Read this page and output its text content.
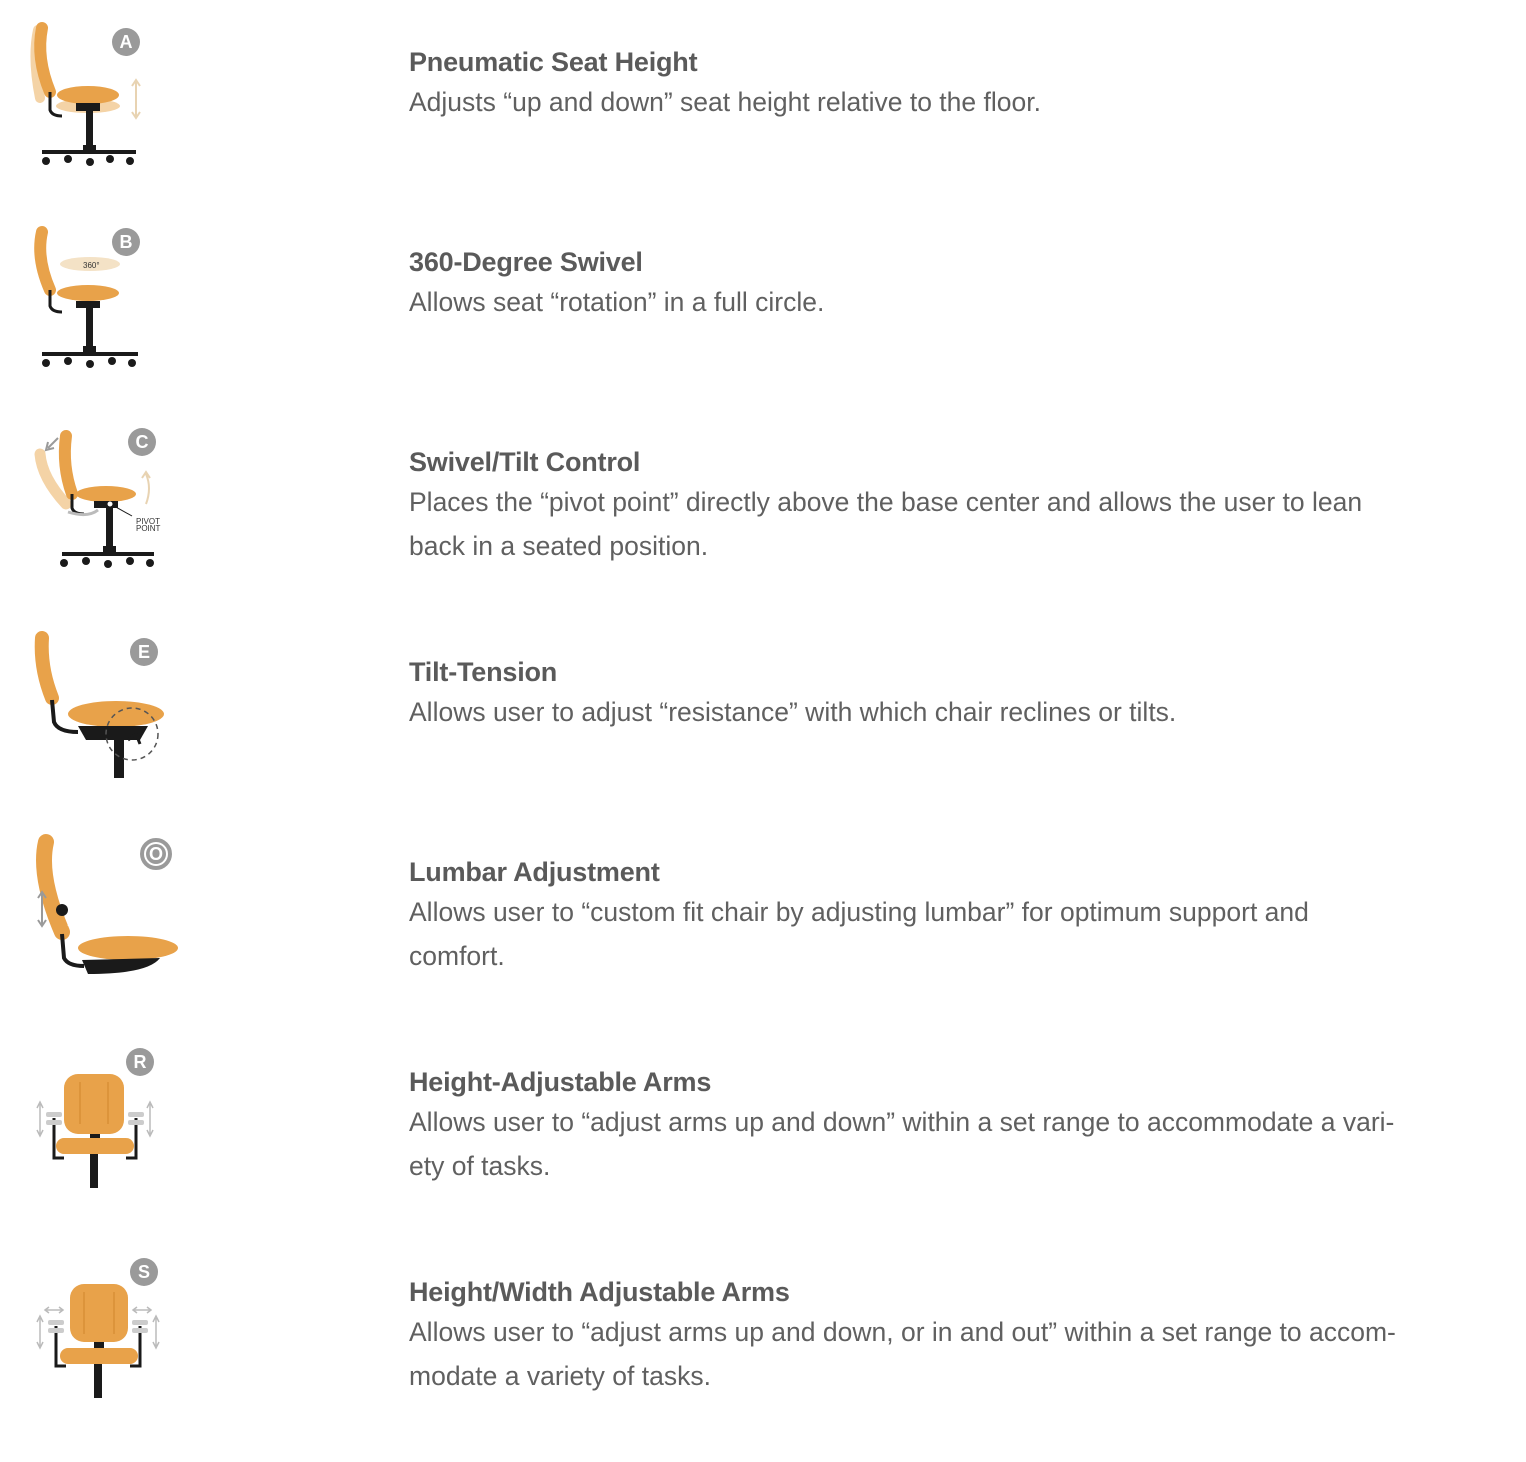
A
Pneumatic Seat Height
Adjusts “up and down” seat height relative to the floor.
360°
B
360-Degree Swivel
Allows seat “rotation” in a full circle.
PIVOT
POINT
C
Swivel/Tilt Control
Places the “pivot point” directly above the base center and allows the user to lean
back in a seated position.
E
Tilt-Tension
Allows user to adjust “resistance” with which chair reclines or tilts.
O
Lumbar Adjustment
Allows user to “custom fit chair by adjusting lumbar” for optimum support and
comfort.
R
Height-Adjustable Arms
Allows user to “adjust arms up and down” within a set range to accommodate a vari-
ety of tasks.
S
Height/Width Adjustable Arms
Allows user to “adjust arms up and down, or in and out” within a set range to accom-
modate a variety of tasks.
